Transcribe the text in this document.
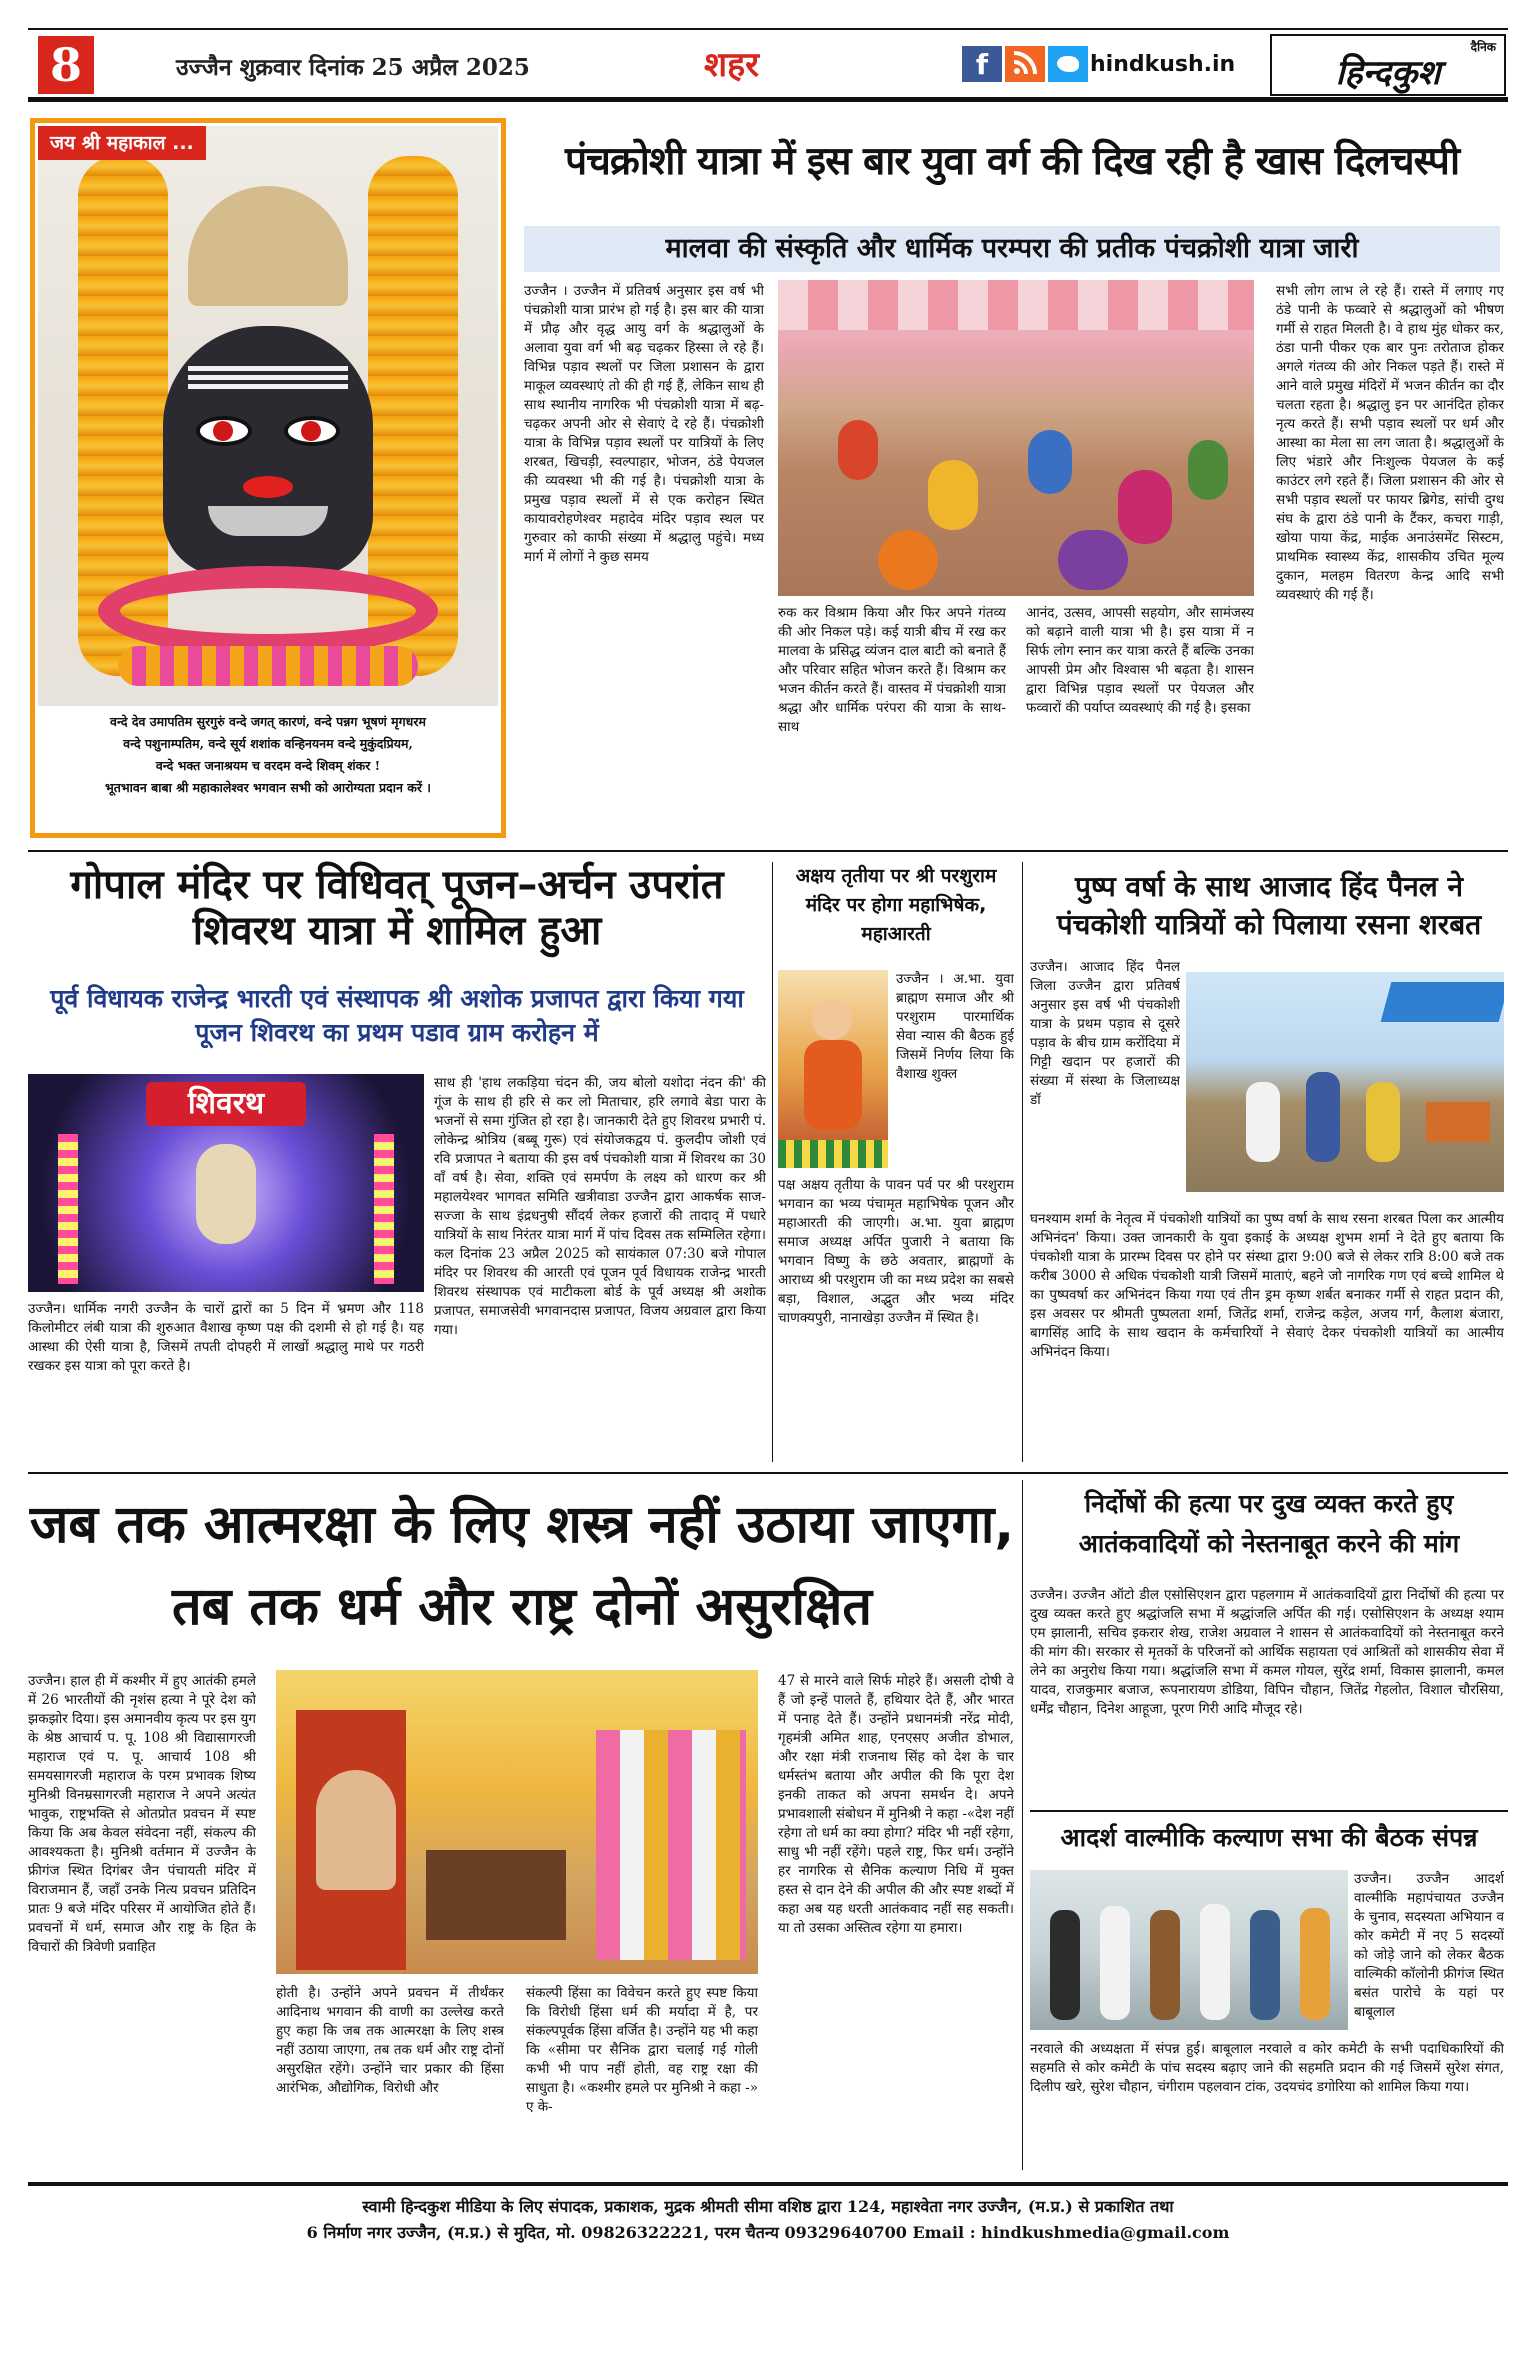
8	उज्जैन शुक्रवार दिनांक 25 अप्रैल 2025	शहर	f	hindkush.in
दैनिक
हिन्दकुश
जय श्री महाकाल ...
वन्दे देव उमापतिम सुरगुरुं वन्दे जगत् कारणं, वन्दे पन्नग भूषणं मृगधरम
वन्दे पशुनाम्पतिम, वन्दे सूर्य शशांक वन्हिनयनम वन्दे मुकुंदप्रियम,
वन्दे भक्त जनाश्रयम च वरदम वन्दे शिवम् शंकर !
भूतभावन बाबा श्री महाकालेश्वर भगवान सभी को आरोग्यता प्रदान करें ।
पंचक्रोशी यात्रा में इस बार युवा वर्ग की दिख रही है खास दिलचस्पी
मालवा की संस्कृति और धार्मिक परम्परा की प्रतीक पंचक्रोशी यात्रा जारी
उज्जैन । उज्जैन में प्रतिवर्ष अनुसार इस वर्ष भी पंचक्रोशी यात्रा प्रारंभ हो गई है। इस बार की यात्रा में प्रौढ़ और वृद्ध आयु वर्ग के श्रद्धालुओं के अलावा युवा वर्ग भी बढ़ चढ़कर हिस्सा ले रहे हैं। विभिन्न पड़ाव स्थलों पर जिला प्रशासन के द्वारा माकूल व्यवस्थाएं तो की ही गई हैं, लेकिन साथ ही साथ स्थानीय नागरिक भी पंचक्रोशी यात्रा में बढ़-चढ़कर अपनी ओर से सेवाएं दे रहे हैं। पंचक्रोशी यात्रा के विभिन्न पड़ाव स्थलों पर यात्रियों के लिए शरबत, खिचड़ी, स्वल्पाहार, भोजन, ठंडे पेयजल की व्यवस्था भी की गई है। पंचक्रोशी यात्रा के प्रमुख पड़ाव स्थलों में से एक करोहन स्थित कायावरोहणेश्वर महादेव मंदिर पड़ाव स्थल पर गुरुवार को काफी संख्या में श्रद्धालु पहुंचे। मध्य मार्ग में लोगों ने कुछ समय
रुक कर विश्राम किया और फिर अपने गंतव्य की ओर निकल पड़े। कई यात्री बीच में रख कर मालवा के प्रसिद्ध व्यंजन दाल बाटी को बनाते हैं और परिवार सहित भोजन करते हैं। विश्राम कर भजन कीर्तन करते हैं। वास्तव में पंचक्रोशी यात्रा श्रद्धा और धार्मिक परंपरा की यात्रा के साथ-साथ
आनंद, उत्सव, आपसी सहयोग, और सामंजस्य को बढ़ाने वाली यात्रा भी है। इस यात्रा में न सिर्फ लोग स्नान कर यात्रा करते हैं बल्कि उनका आपसी प्रेम और विश्वास भी बढ़ता है। शासन द्वारा विभिन्न पड़ाव स्थलों पर पेयजल और फव्वारों की पर्याप्त व्यवस्थाएं की गई है। इसका
सभी लोग लाभ ले रहे हैं। रास्ते में लगाए गए ठंडे पानी के फव्वारे से श्रद्धालुओं को भीषण गर्मी से राहत मिलती है। वे हाथ मुंह धोकर कर, ठंडा पानी पीकर एक बार पुनः तरोताज होकर अगले गंतव्य की ओर निकल पड़ते हैं। रास्ते में आने वाले प्रमुख मंदिरों में भजन कीर्तन का दौर चलता रहता है। श्रद्धालु इन पर आनंदित होकर नृत्य करते हैं। सभी पड़ाव स्थलों पर धर्म और आस्था का मेला सा लग जाता है। श्रद्धालुओं के लिए भंडारे और निःशुल्क पेयजल के कई काउंटर लगे रहते हैं। जिला प्रशासन की ओर से सभी पड़ाव स्थलों पर फायर ब्रिगेड, सांची दुग्ध संघ के द्वारा ठंडे पानी के टैंकर, कचरा गाड़ी, खोया पाया केंद्र, माईक अनाउंसमेंट सिस्टम, प्राथमिक स्वास्थ्य केंद्र, शासकीय उचित मूल्य दुकान, मलहम वितरण केन्द्र आदि सभी व्यवस्थाएं की गई हैं।
गोपाल मंदिर पर विधिवत् पूजन–अर्चन उपरांत शिवरथ यात्रा में शामिल हुआ
पूर्व विधायक राजेन्द्र भारती एवं संस्थापक श्री अशोक प्रजापत द्वारा किया गया पूजन शिवरथ का प्रथम पडाव ग्राम करोहन में
शिवरथ
उज्जैन। धार्मिक नगरी उज्जैन के चारों द्वारों का 5 दिन में भ्रमण और 118 किलोमीटर लंबी यात्रा की शुरुआत वैशाख कृष्ण पक्ष की दशमी से हो गई है। यह आस्था की ऐसी यात्रा है, जिसमें तपती दोपहरी में लाखों श्रद्धालु माथे पर गठरी रखकर इस यात्रा को पूरा करते है।
साथ ही 'हाथ लकड़िया चंदन की, जय बोलो यशोदा नंदन की' की गूंज के साथ ही हरि से कर लो मिताचार, हरि लगावे बेडा पारा के भजनों से समा गुंजित हो रहा है। जानकारी देते हुए शिवरथ प्रभारी पं. लोकेन्द्र श्रोत्रिय (बब्बू गुरू) एवं संयोजकद्वय पं. कुलदीप जोशी एवं रवि प्रजापत ने बताया की इस वर्ष पंचकोशी यात्रा में शिवरथ का 30 वॉं वर्ष है। सेवा, शक्ति एवं समर्पण के लक्ष्य को धारण कर श्री महालयेश्वर भागवत समिति खत्रीवाडा उज्जैन द्वारा आकर्षक साज-सज्जा के साथ इंद्रधनुषी सौंदर्य लेकर हजारों की तादाद् में पधारे यात्रियों के साथ निरंतर यात्रा मार्ग में पांच दिवस तक सम्मिलित रहेगा। कल दिनांक 23 अप्रैल 2025 को सायंकाल 07:30 बजे गोपाल मंदिर पर शिवरथ की आरती एवं पूजन पूर्व विधायक राजेन्द्र भारती शिवरथ संस्थापक एवं माटीकला बोर्ड के पूर्व अध्यक्ष श्री अशोक प्रजापत, समाजसेवी भगवानदास प्रजापत, विजय अग्रवाल द्वारा किया गया।
अक्षय तृतीया पर श्री परशुराम मंदिर पर होगा महाभिषेक, महाआरती
उज्जैन । अ.भा. युवा ब्राह्मण समाज और श्री परशुराम पारमार्थिक सेवा न्यास की बैठक हुई जिसमें निर्णय लिया कि वैशाख शुक्ल
पक्ष अक्षय तृतीया के पावन पर्व पर श्री परशुराम भगवान का भव्य पंचामृत महाभिषेक पूजन और महाआरती की जाएगी। अ.भा. युवा ब्राह्मण समाज अध्यक्ष अर्पित पुजारी ने बताया कि भगवान विष्णु के छठे अवतार, ब्राह्मणों के आराध्य श्री परशुराम जी का मध्य प्रदेश का सबसे बड़ा, विशाल, अद्भुत और भव्य मंदिर चाणक्यपुरी, नानाखेड़ा उज्जैन में स्थित है।
पुष्प वर्षा के साथ आजाद हिंद पैनल ने पंचकोशी यात्रियों को पिलाया रसना शरबत
उज्जैन। आजाद हिंद पैनल जिला उज्जैन द्वारा प्रतिवर्ष अनुसार इस वर्ष भी पंचकोशी यात्रा के प्रथम पड़ाव से दूसरे पड़ाव के बीच ग्राम करोंदिया में गिट्टी खदान पर हजारों की संख्या में संस्था के जिलाध्यक्ष डॉ
घनश्याम शर्मा के नेतृत्व में पंचकोशी यात्रियों का पुष्प वर्षा के साथ रसना शरबत पिला कर आत्मीय अभिनंदन' किया। उक्त जानकारी के युवा इकाई के अध्यक्ष शुभम शर्मा ने देते हुए बताया कि पंचकोशी यात्रा के प्रारम्भ दिवस पर होने पर संस्था द्वारा 9:00 बजे से लेकर रात्रि 8:00 बजे तक करीब 3000 से अधिक पंचकोशी यात्री जिसमें माताएं, बहने जो नागरिक गण एवं बच्चे शामिल थे का पुष्पवर्षा कर अभिनंदन किया गया एवं तीन ड्रम कृष्ण शर्बत बनाकर गर्मी से राहत प्रदान की, इस अवसर पर श्रीमती पुष्पलता शर्मा, जितेंद्र शर्मा, राजेन्द्र कड़ेल, अजय गर्ग, कैलाश बंजारा, बागसिंह आदि के साथ खदान के कर्मचारियों ने सेवाएं देकर पंचकोशी यात्रियों का आत्मीय अभिनंदन किया।
जब तक आत्मरक्षा के लिए शस्त्र नहीं उठाया जाएगा, तब तक धर्म और राष्ट्र दोनों असुरक्षित
उज्जैन। हाल ही में कश्मीर में हुए आतंकी हमले में 26 भारतीयों की नृशंस हत्या ने पूरे देश को झकझोर दिया। इस अमानवीय कृत्य पर इस युग के श्रेष्ठ आचार्य प. पू. 108 श्री विद्यासागरजी महाराज एवं प. पू. आचार्य 108 श्री समयसागरजी महाराज के परम प्रभावक शिष्य मुनिश्री विनम्रसागरजी महाराज ने अपने अत्यंत भावुक, राष्ट्रभक्ति से ओतप्रोत प्रवचन में स्पष्ट किया कि अब केवल संवेदना नहीं, संकल्प की आवश्यकता है। मुनिश्री वर्तमान में उज्जैन के फ्रीगंज स्थित दिगंबर जैन पंचायती मंदिर में विराजमान हैं, जहाँ उनके नित्य प्रवचन प्रतिदिन प्रातः 9 बजे मंदिर परिसर में आयोजित होते हैं। प्रवचनों में धर्म, समाज और राष्ट्र के हित के विचारों की त्रिवेणी प्रवाहित
होती है। उन्होंने अपने प्रवचन में तीर्थंकर आदिनाथ भगवान की वाणी का उल्लेख करते हुए कहा कि जब तक आत्मरक्षा के लिए शस्त्र नहीं उठाया जाएगा, तब तक धर्म और राष्ट्र दोनों असुरक्षित रहेंगे। उन्होंने चार प्रकार की हिंसा आरंभिक, औद्योगिक, विरोधी और
संकल्पी हिंसा का विवेचन करते हुए स्पष्ट किया कि विरोधी हिंसा धर्म की मर्यादा में है, पर संकल्पपूर्वक हिंसा वर्जित है। उन्होंने यह भी कहा कि «सीमा पर सैनिक द्वारा चलाई गई गोली कभी भी पाप नहीं होती, वह राष्ट्र रक्षा की साधुता है। «कश्मीर हमले पर मुनिश्री ने कहा -» ए के-
47 से मारने वाले सिर्फ मोहरे हैं। असली दोषी वे हैं जो इन्हें पालते हैं, हथियार देते हैं, और भारत में पनाह देते हैं। उन्होंने प्रधानमंत्री नरेंद्र मोदी, गृहमंत्री अमित शाह, एनएसए अजीत डोभाल, और रक्षा मंत्री राजनाथ सिंह को देश के चार धर्मस्तंभ बताया और अपील की कि पूरा देश इनकी ताकत को अपना समर्थन दे। अपने प्रभावशाली संबोधन में मुनिश्री ने कहा -«देश नहीं रहेगा तो धर्म का क्या होगा? मंदिर भी नहीं रहेगा, साधु भी नहीं रहेंगे। पहले राष्ट्र, फिर धर्म। उन्होंने हर नागरिक से सैनिक कल्याण निधि में मुक्त हस्त से दान देने की अपील की और स्पष्ट शब्दों में कहा अब यह धरती आतंकवाद नहीं सह सकती। या तो उसका अस्तित्व रहेगा या हमारा।
निर्दोषों की हत्या पर दुख व्यक्त करते हुए आतंकवादियों को नेस्तनाबूत करने की मांग
उज्जैन। उज्जैन ऑटो डील एसोसिएशन द्वारा पहलगाम में आतंकवादियों द्वारा निर्दोषों की हत्या पर दुख व्यक्त करते हुए श्रद्धांजलि सभा में श्रद्धांजलि अर्पित की गई। एसोसिएशन के अध्यक्ष श्याम एम झालानी, सचिव इकरार शेख, राजेश अग्रवाल ने शासन से आतंकवादियों को नेस्तनाबूत करने की मांग की। सरकार से मृतकों के परिजनों को आर्थिक सहायता एवं आश्रितों को शासकीय सेवा में लेने का अनुरोध किया गया। श्रद्धांजलि सभा में कमल गोयल, सुरेंद्र शर्मा, विकास झालानी, कमल यादव, राजकुमार बजाज, रूपनारायण डोडिया, विपिन चौहान, जितेंद्र गेहलोत, विशाल चौरसिया, धर्मेंद्र चौहान, दिनेश आहूजा, पूरण गिरी आदि मौजूद रहे।
आदर्श वाल्मीकि कल्याण सभा की बैठक संपन्न
उज्जैन। उज्जैन आदर्श वाल्मीकि महापंचायत उज्जैन के चुनाव, सदस्यता अभियान व कोर कमेटी में नए 5 सदस्यों को जोड़े जाने को लेकर बैठक वाल्मिकी कॉलोनी फ्रीगंज स्थित बसंत पारोचे के यहां पर बाबूलाल
नरवाले की अध्यक्षता में संपन्न हुई। बाबूलाल नरवाले व कोर कमेटी के सभी पदाधिकारियों की सहमति से कोर कमेटी के पांच सदस्य बढ़ाए जाने की सहमति प्रदान की गई जिसमें सुरेश संगत, दिलीप खरे, सुरेश चौहान, चंगीराम पहलवान टांक, उदयचंद डगोरिया को शामिल किया गया।
स्वामी हिन्दकुश मीडिया के लिए संपादक, प्रकाशक, मुद्रक श्रीमती सीमा वशिष्ठ द्वारा 124, महाश्वेता नगर उज्जैन, (म.प्र.) से प्रकाशित तथा
6 निर्माण नगर उज्जैन, (म.प्र.) से मुदित, मो. 09826322221, परम चैतन्य 09329640700 Email : hindkushmedia@gmail.com
